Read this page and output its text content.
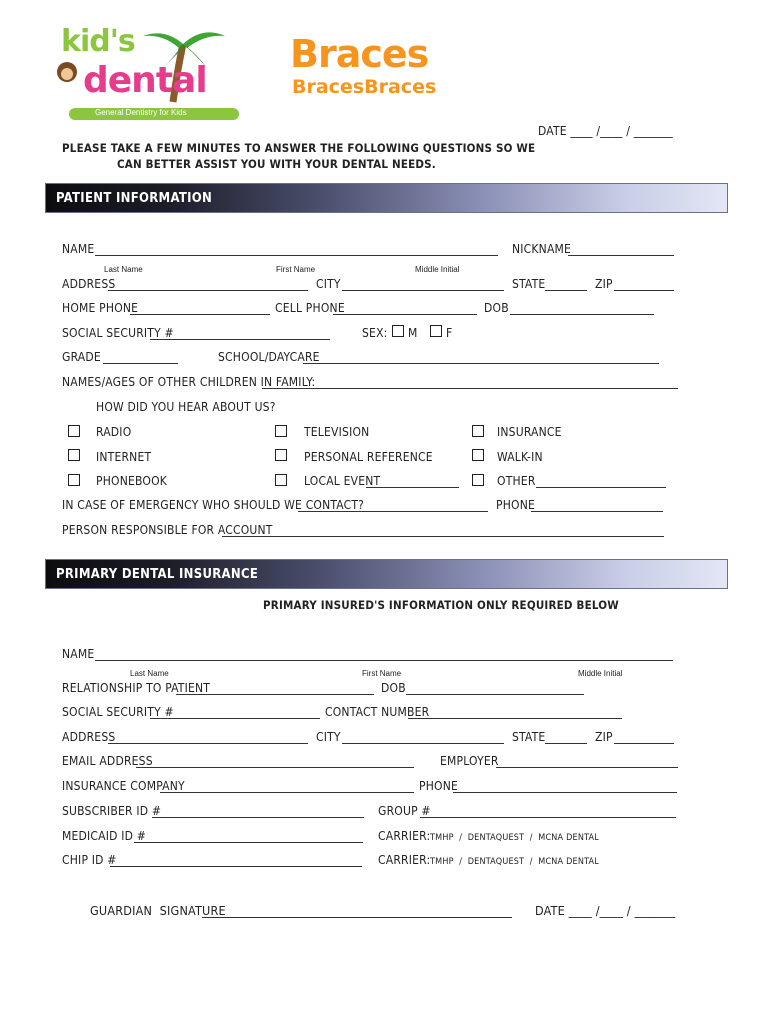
kid's
dental
General Dentistry for Kids
Braces
BracesBraces
DATE ____ /____ / _______
PLEASE TAKE A FEW MINUTES TO ANSWER THE FOLLOWING QUESTIONS SO WE
CAN BETTER ASSIST YOU WITH YOUR DENTAL NEEDS.
PATIENT INFORMATION
NAME	NICKNAME
Last Name	First Name	Middle Initial
ADDRESS	CITY	STATE	ZIP
HOME PHONE	CELL PHONE	DOB
SOCIAL SECURITY #	SEX: M F
GRADE	SCHOOL/DAYCARE
NAMES/AGES OF OTHER CHILDREN IN FAMILY:
HOW DID YOU HEAR ABOUT US?
RADIO	TELEVISION	INSURANCE
INTERNET	PERSONAL REFERENCE	WALK-IN
PHONEBOOK	LOCAL EVENT	OTHER
IN CASE OF EMERGENCY WHO SHOULD WE CONTACT?	PHONE
PERSON RESPONSIBLE FOR ACCOUNT
PRIMARY DENTAL INSURANCE
PRIMARY INSURED'S INFORMATION ONLY REQUIRED BELOW
NAME
Last Name	First Name	Middle Initial
RELATIONSHIP TO PATIENT	DOB
SOCIAL SECURITY #	CONTACT NUMBER
ADDRESS	CITY	STATE	ZIP
EMAIL ADDRESS	EMPLOYER
INSURANCE COMPANY	PHONE
SUBSCRIBER ID #	GROUP #
MEDICAID ID #	CARRIER: TMHP  /  DENTAQUEST  /  MCNA DENTAL
CHIP ID #	CARRIER: TMHP  /  DENTAQUEST  /  MCNA DENTAL
GUARDIAN  SIGNATURE	DATE ____ /____ / _______
